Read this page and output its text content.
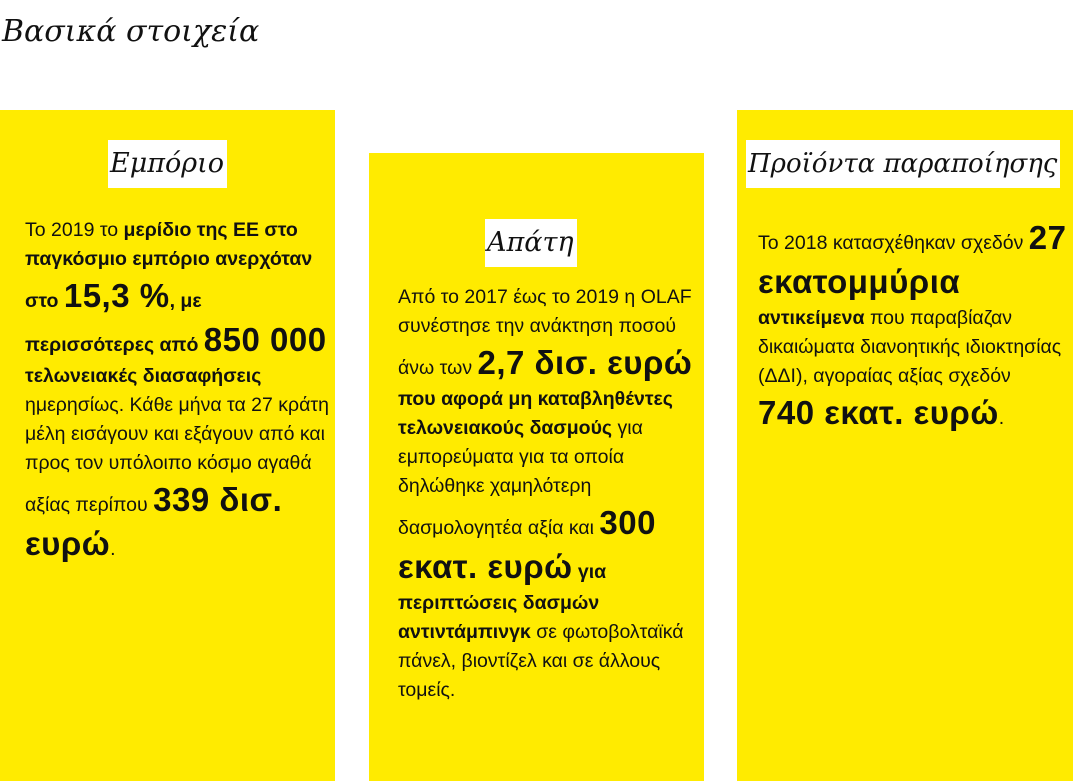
Βασικά στοιχεία
Εμπόριο
Το 2019 το μερίδιο της ΕΕ στο παγκόσμιο εμπόριο ανερχόταν στο 15,3 %, με περισσότερες από 850 000 τελωνειακές διασαφήσεις ημερησίως. Κάθε μήνα τα 27 κράτη μέλη εισάγουν και εξάγουν από και προς τον υπόλοιπο κόσμο αγαθά αξίας περίπου 339 δισ. ευρώ.
Απάτη
Από το 2017 έως το 2019 η OLAF συνέστησε την ανάκτηση ποσού άνω των 2,7 δισ. ευρώ που αφορά μη καταβληθέντες τελωνειακούς δασμούς για εμπορεύματα για τα οποία δηλώθηκε χαμηλότερη δασμολογητέα αξία και 300 εκατ. ευρώ για περιπτώσεις δασμών αντιντάμπινγκ σε φωτοβολταϊκά πάνελ, βιοντίζελ και σε άλλους τομείς.
Προϊόντα παραποίησης
Το 2018 κατασχέθηκαν σχεδόν 27 εκατομμύρια αντικείμενα που παραβίαζαν δικαιώματα διανοητικής ιδιοκτησίας (ΔΔΙ), αγοραίας αξίας σχεδόν 740 εκατ. ευρώ.
